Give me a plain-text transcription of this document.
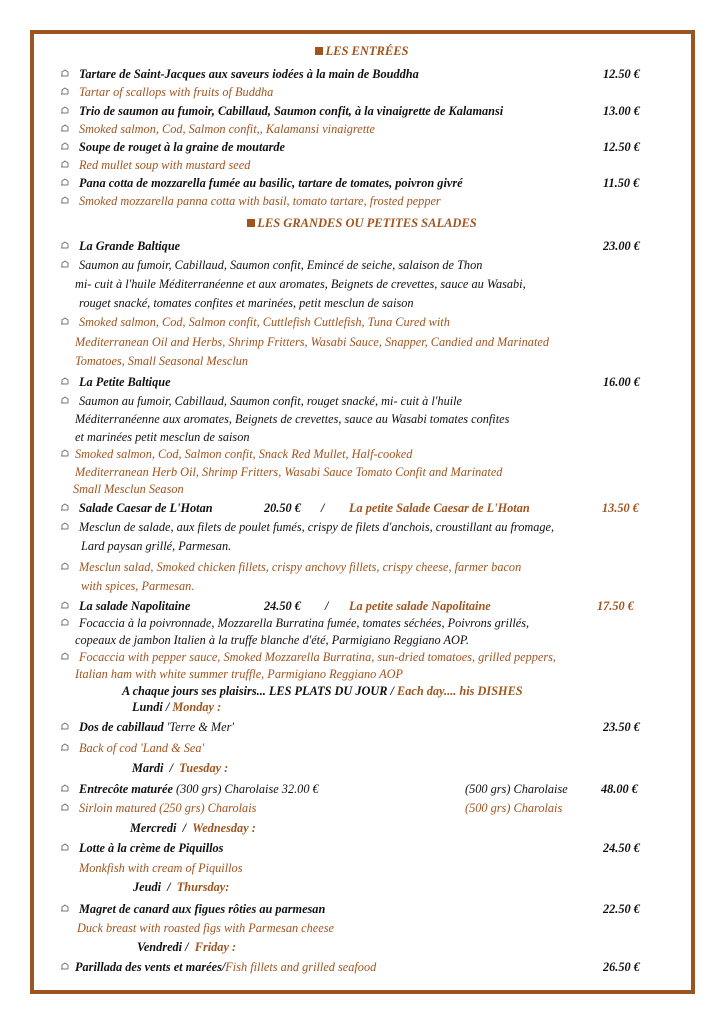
LES ENTRÉES
Tartare de Saint-Jacques aux saveurs iodées à la main de Bouddha	12.50 €
Tartar of scallops with fruits of Buddha
Trio de saumon au fumoir, Cabillaud, Saumon confit, à la vinaigrette de Kalamansi	13.00 €
Smoked salmon, Cod, Salmon confit,, Kalamansi vinaigrette
Soupe de rouget à la graine de moutarde	12.50 €
Red mullet soup with mustard seed
Pana cotta de mozzarella fumée au basilic, tartare de tomates, poivron givré	11.50 €
Smoked mozzarella panna cotta with basil, tomato tartare, frosted pepper
LES GRANDES OU PETITES SALADES
La Grande Baltique	23.00 €
Saumon au fumoir, Cabillaud, Saumon confit, Emincé de seiche, salaison de Thon
mi- cuit à l'huile Méditerranéenne et aux aromates, Beignets de crevettes, sauce au Wasabi,
rouget snacké, tomates confites et marinées, petit mesclun de saison
Smoked salmon, Cod, Salmon confit, Cuttlefish Cuttlefish, Tuna Cured with
Mediterranean Oil and Herbs, Shrimp Fritters, Wasabi Sauce, Snapper, Candied and Marinated
Tomatoes, Small Seasonal Mesclun
La Petite Baltique	16.00 €
Saumon au fumoir, Cabillaud, Saumon confit, rouget snacké, mi- cuit à l'huile
Méditerranéenne aux aromates, Beignets de crevettes, sauce au Wasabi tomates confites
et marinées petit mesclun de saison
Smoked salmon, Cod, Salmon confit, Snack Red Mullet, Half-cooked
Mediterranean Herb Oil, Shrimp Fritters, Wasabi Sauce Tomato Confit and Marinated
Small Mesclun Season
Salade Caesar de L'Hotan	20.50 € / La petite Salade Caesar de L'Hotan	13.50 €
Mesclun de salade, aux filets de poulet fumés, crispy de filets d'anchois, croustillant au fromage,
Lard paysan grillé, Parmesan.
Mesclun salad, Smoked chicken fillets, crispy anchovy fillets, crispy cheese, farmer bacon
with spices, Parmesan.
La salade Napolitaine	24.50 € / La petite salade Napolitaine	17.50 €
Focaccia à la poivronnade, Mozzarella Burratina fumée, tomates séchées, Poivrons grillés,
copeaux de jambon Italien à la truffe blanche d'été, Parmigiano Reggiano AOP.
Focaccia with pepper sauce, Smoked Mozzarella Burratina, sun-dried tomatoes, grilled peppers,
Italian ham with white summer truffle, Parmigiano Reggiano AOP
A chaque jours ses plaisirs... LES PLATS DU JOUR / Each day.... his DISHES
Lundi / Monday :
Dos de cabillaud 'Terre & Mer'	23.50 €
Back of cod 'Land & Sea'
Mardi / Tuesday :
Entrecôte maturée (300 grs) Charolaise 32.00 €	(500 grs) Charolaise	48.00 €
Sirloin matured (250 grs) Charolais	(500 grs) Charolais
Mercredi / Wednesday :
Lotte à la crème de Piquillos	24.50 €
Monkfish with cream of Piquillos
Jeudi / Thursday:
Magret de canard aux figues rôties au parmesan	22.50 €
Duck breast with roasted figs with Parmesan cheese
Vendredi / Friday :
Parillada des vents et marées/Fish fillets and grilled seafood	26.50 €
